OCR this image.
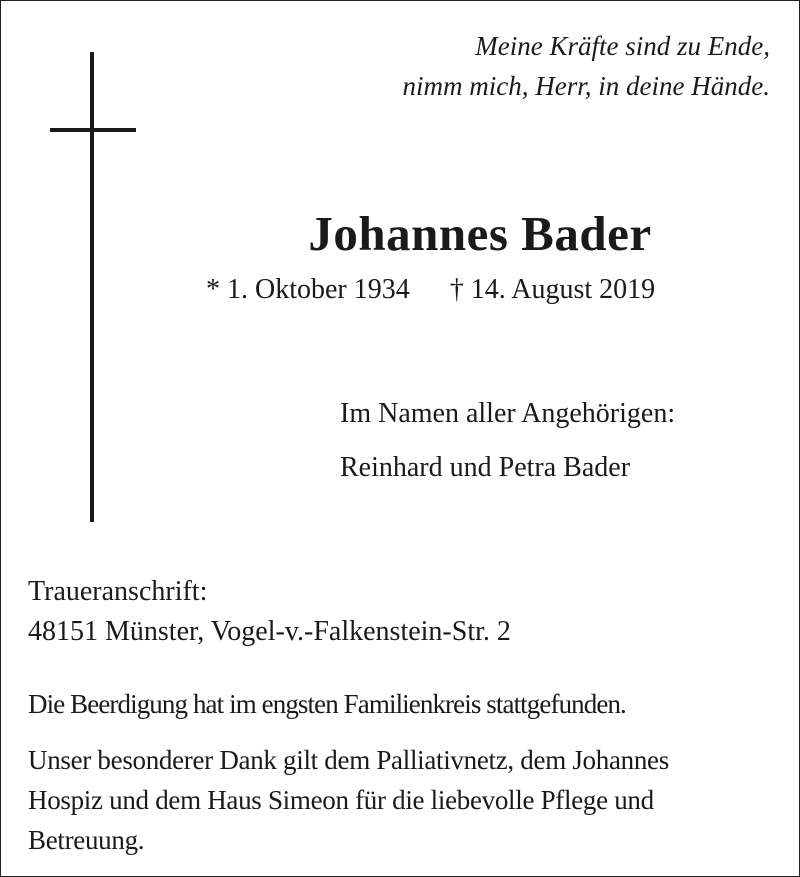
Meine Kräfte sind zu Ende,
nimm mich, Herr, in deine Hände.
Johannes Bader
* 1. Oktober 1934 † 14. August 2019
Im Namen aller Angehörigen:
Reinhard und Petra Bader
Traueranschrift:
48151 Münster, Vogel-v.-Falkenstein-Str. 2
Die Beerdigung hat im engsten Familienkreis stattgefunden.
Unser besonderer Dank gilt dem Palliativnetz, dem Johannes
Hospiz und dem Haus Simeon für die liebevolle Pflege und
Betreuung.
